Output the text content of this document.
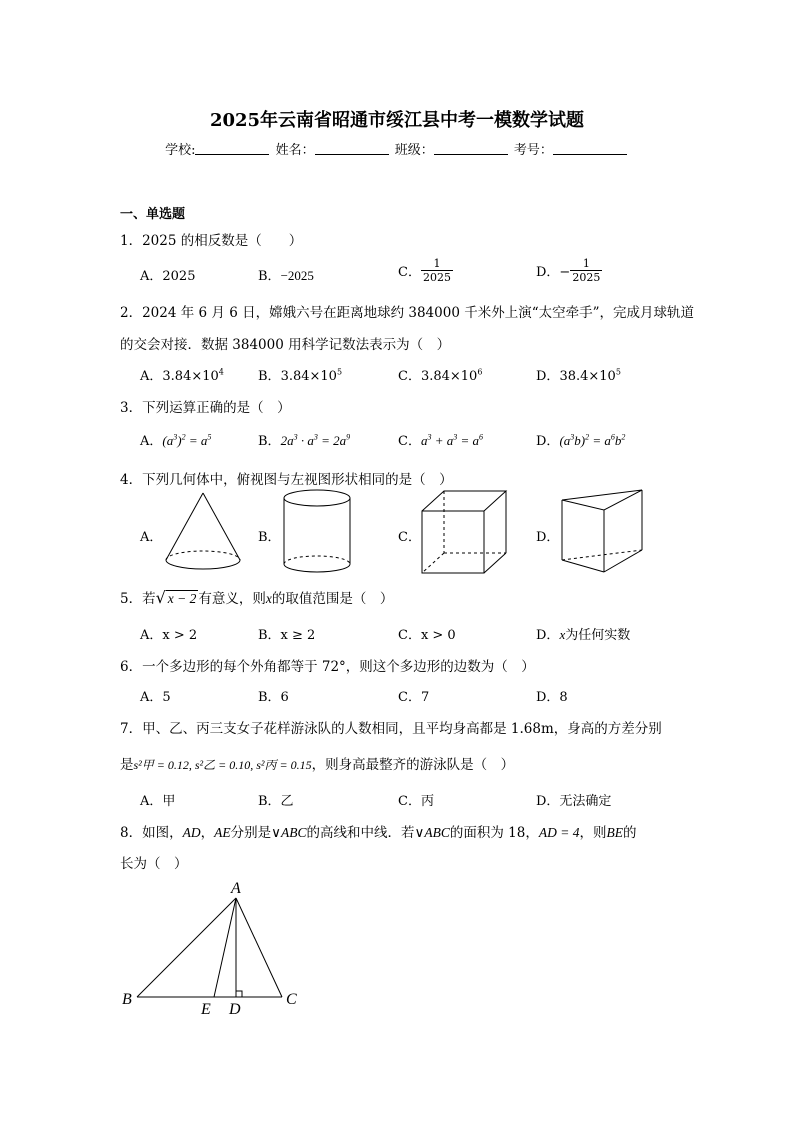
2025年云南省昭通市绥江县中考一模数学试题
学校:	姓名：	班级：	考号：
一、单选题
1．2025 的相反数是（　　）
A．2025	B．−2025	C． $\frac{1}{2025}$	D．− $\frac{1}{2025}$
2．2024 年 6 月 6 日，嫦娥六号在距离地球约 384000 千米外上演“太空牵手”，完成月球轨道
的交会对接．数据 384000 用科学记数法表示为（　）
A．$3.84\times 10^4$	B．$3.84\times 10^5$	C．$3.84\times 10^6$	D．$38.4\times 10^5$
3．下列运算正确的是（　）
A．$(a^3)^2 = a^5$	B．$2a^3 \cdot a^3 = 2a^9$	C．$a^3 + a^3 = a^6$	D．$(a^3b)^2 = a^6b^2$
4．下列几何体中，俯视图与左视图形状相同的是（　）
A．	B．	C．	D．
5．若√ x − 2 有意义，则x的取值范围是（　）
A．x > 2	B．x ≥ 2	C．x > 0	D．x为任何实数
6．一个多边形的每个外角都等于 72°，则这个多边形的边数为（　）
A．5	B．6	C．7	D．8
7．甲、乙、丙三支女子花样游泳队的人数相同，且平均身高都是 1.68m，身高的方差分别
是s²甲 = 0.12, s²乙 = 0.10, s²丙 = 0.15，则身高最整齐的游泳队是（　）
A．甲	B．乙	C．丙	D．无法确定
8．如图，AD，AE分别是∨ABC的高线和中线．若∨ABC的面积为 18，AD = 4，则BE的
长为（　）
A
B	C
D
E
